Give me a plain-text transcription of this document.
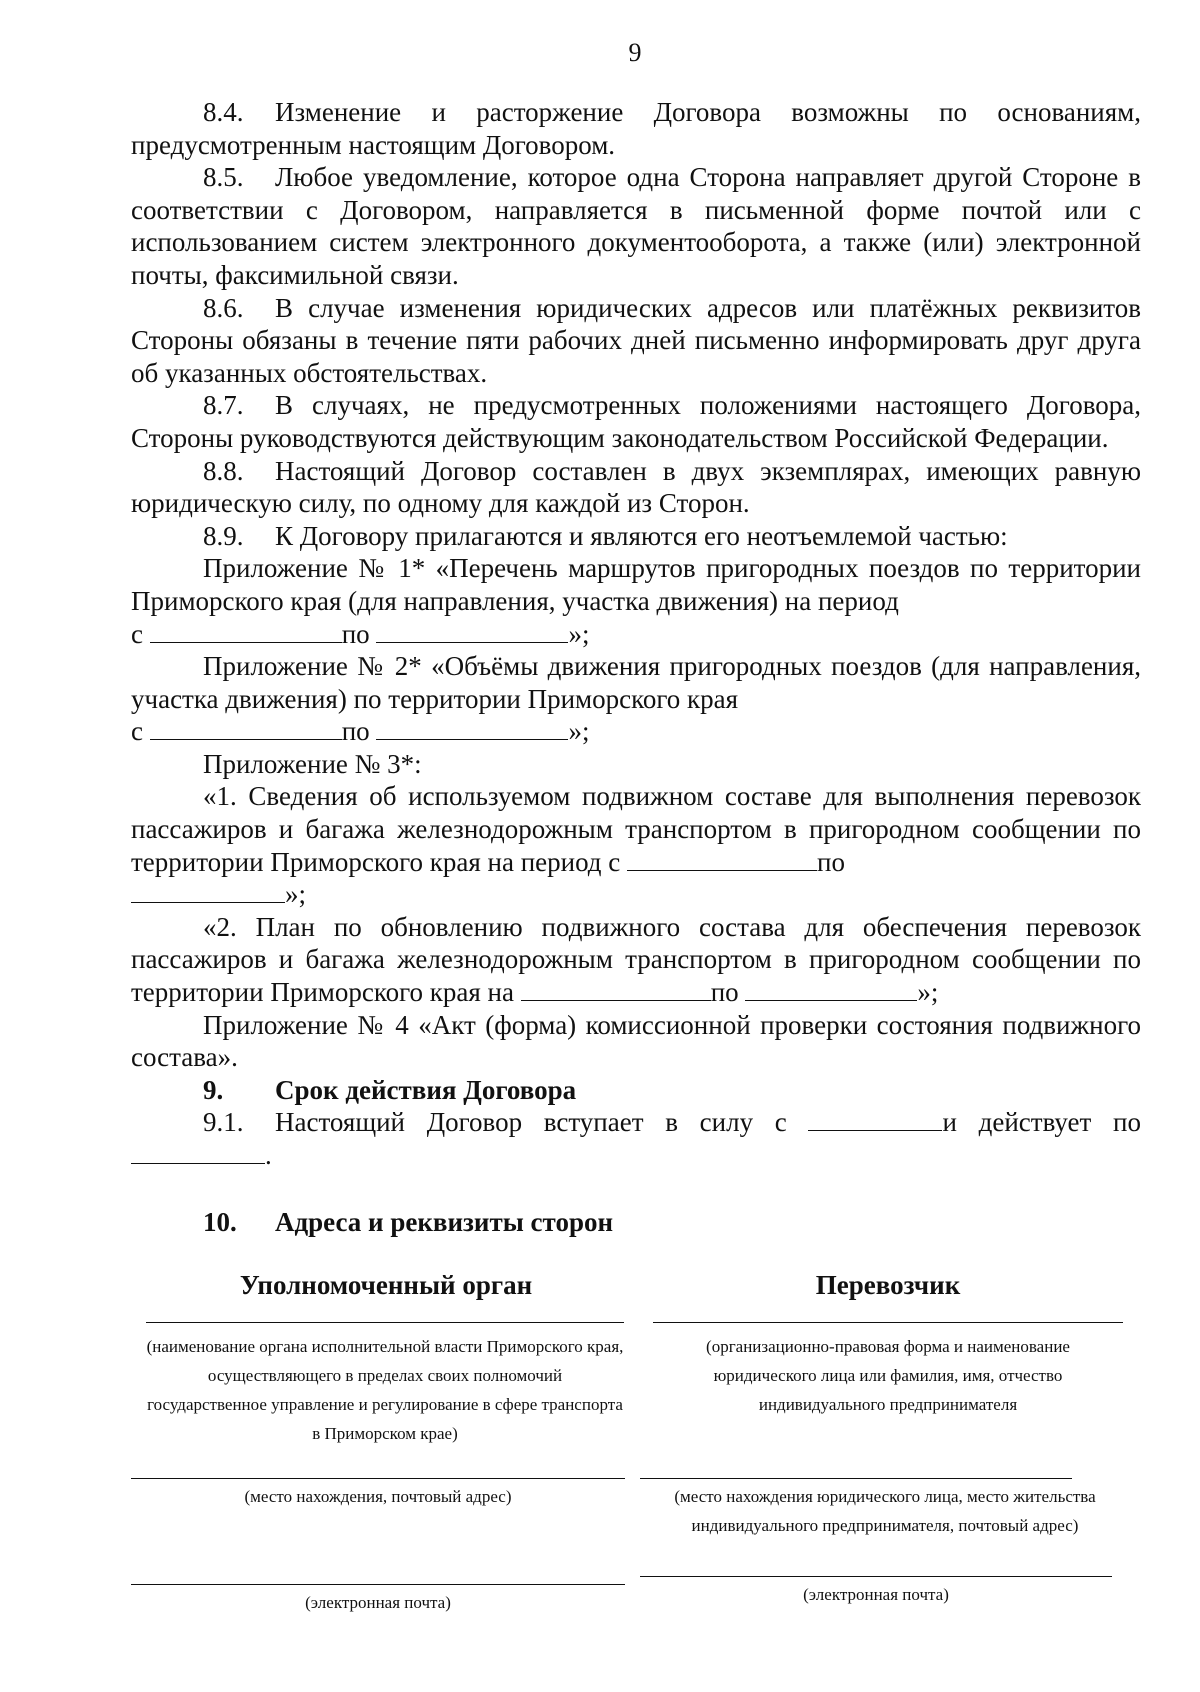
9

8.4. Изменение и расторжение Договора возможны по основаниям, предусмотренным настоящим Договором.

8.5. Любое уведомление, которое одна Сторона направляет другой Стороне в соответствии с Договором, направляется в письменной форме почтой или с использованием систем электронного документооборота, а также (или) электронной почты, факсимильной связи.

8.6. В случае изменения юридических адресов или платёжных реквизитов Стороны обязаны в течение пяти рабочих дней письменно информировать друг друга об указанных обстоятельствах.

8.7. В случаях, не предусмотренных положениями настоящего Договора, Стороны руководствуются действующим законодательством Российской Федерации.

8.8. Настоящий Договор составлен в двух экземплярах, имеющих равную юридическую силу, по одному для каждой из Сторон.

8.9. К Договору прилагаются и являются его неотъемлемой частью:

Приложение № 1* «Перечень маршрутов пригородных поездов по территории Приморского края (для направления, участка движения) на период

с	по	»;

Приложение № 2* «Объёмы движения пригородных поездов (для направления, участка движения) по территории Приморского края

с	по	»;

Приложение № 3*:

«1. Сведения об используемом подвижном составе для выполнения перевозок пассажиров и багажа железнодорожным транспортом в пригородном сообщении по территории Приморского края на период с	по

»;

«2. План по обновлению подвижного состава для обеспечения перевозок пассажиров и багажа железнодорожным транспортом в пригородном сообщении по территории Приморского края на	по	»;

Приложение № 4 «Акт (форма) комиссионной проверки состояния подвижного состава».

9. Срок действия Договора

9.1. Настоящий Договор вступает в силу с	и действует по

.

10. Адреса и реквизиты сторон
Уполномоченный орган
(наименование органа исполнительной власти Приморского края, осуществляющего в пределах своих полномочий государственное управление и регулирование в сфере транспорта в Приморском крае)
(место нахождения, почтовый адрес)
(электронная почта)
Перевозчик
(организационно-правовая форма и наименование юридического лица или фамилия, имя, отчество индивидуального предпринимателя
(место нахождения юридического лица, место жительства индивидуального предпринимателя, почтовый адрес)
(электронная почта)
